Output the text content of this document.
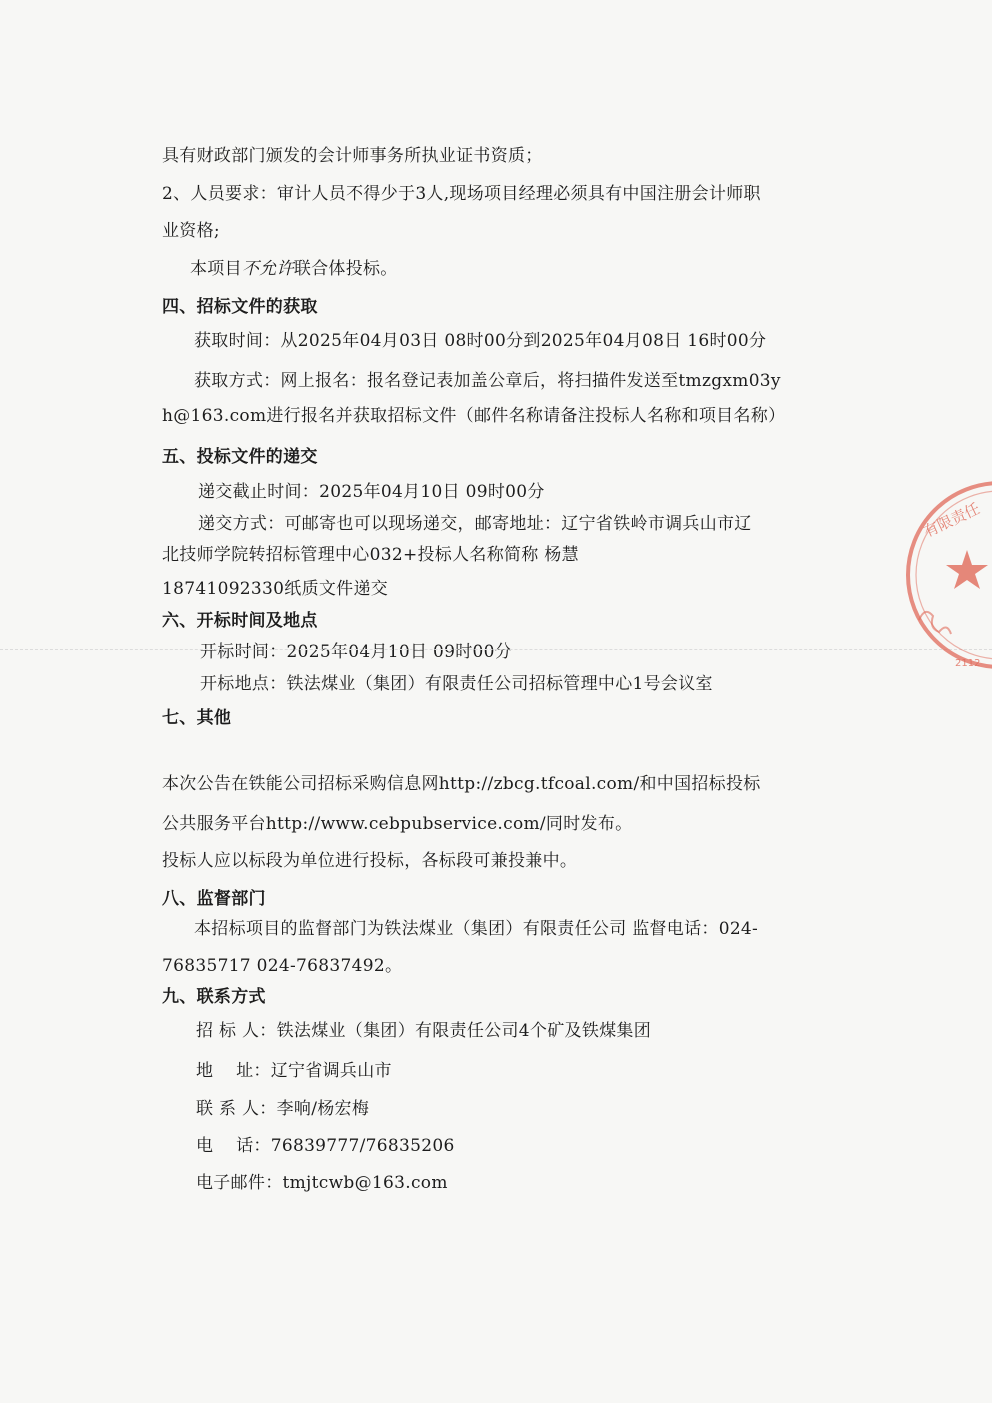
具有财政部门颁发的会计师事务所执业证书资质；
2、人员要求：审计人员不得少于3人,现场项目经理必须具有中国注册会计师职
业资格;
本项目不允许联合体投标。
四、招标文件的获取
获取时间：从2025年04月03日 08时00分到2025年04月08日 16时00分
获取方式：网上报名：报名登记表加盖公章后，将扫描件发送至tmzgxm03y
h@163.com进行报名并获取招标文件（邮件名称请备注投标人名称和项目名称）
五、投标文件的递交
递交截止时间：2025年04月10日 09时00分
递交方式：可邮寄也可以现场递交，邮寄地址：辽宁省铁岭市调兵山市辽
北技师学院转招标管理中心032+投标人名称简称 杨慧
18741092330纸质文件递交
六、开标时间及地点
开标时间：2025年04月10日 09时00分
开标地点：铁法煤业（集团）有限责任公司招标管理中心1号会议室
七、其他
本次公告在铁能公司招标采购信息网http://zbcg.tfcoal.com/和中国招标投标
公共服务平台http://www.cebpubservice.com/同时发布。
投标人应以标段为单位进行投标，各标段可兼投兼中。
八、监督部门
本招标项目的监督部门为铁法煤业（集团）有限责任公司 监督电话：024-
76835717 024-76837492。
九、联系方式
招 标 人：铁法煤业（集团）有限责任公司4个矿及铁煤集团
地    址：辽宁省调兵山市
联 系 人：李响/杨宏梅
电    话：76839777/76835206
电子邮件：tmjtcwb@163.com
有限责任
2112
